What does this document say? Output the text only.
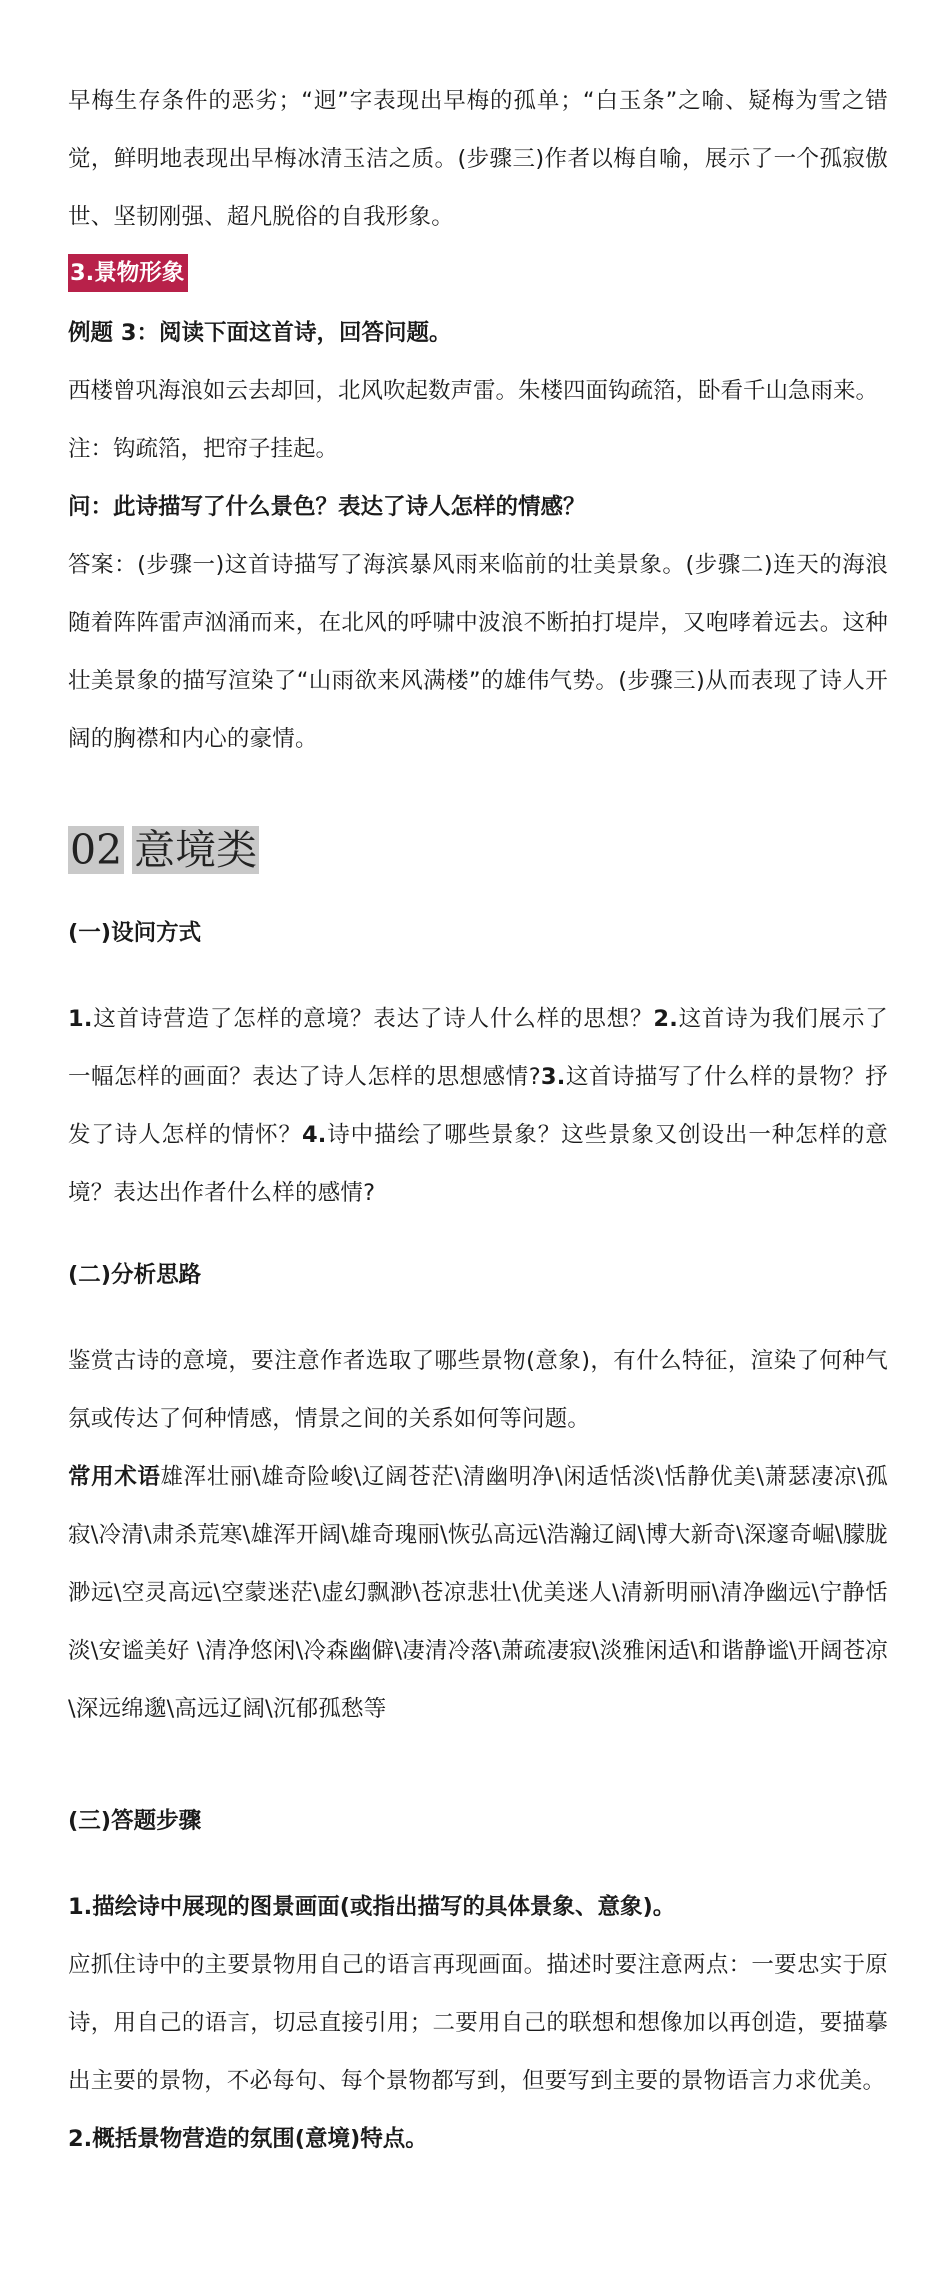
早梅生存条件的恶劣；“迥”字表现出早梅的孤单；“白玉条”之喻、疑梅为雪之错觉，鲜明地表现出早梅冰清玉洁之质。(步骤三)作者以梅自喻，展示了一个孤寂傲世、坚韧刚强、超凡脱俗的自我形象。

3.景物形象

例题 3：阅读下面这首诗，回答问题。

西楼曾巩海浪如云去却回，北风吹起数声雷。朱楼四面钩疏箔，卧看千山急雨来。

注：钩疏箔，把帘子挂起。

问：此诗描写了什么景色？表达了诗人怎样的情感？

答案：(步骤一)这首诗描写了海滨暴风雨来临前的壮美景象。(步骤二)连天的海浪随着阵阵雷声汹涌而来，在北风的呼啸中波浪不断拍打堤岸，又咆哮着远去。这种壮美景象的描写渲染了“山雨欲来风满楼”的雄伟气势。(步骤三)从而表现了诗人开阔的胸襟和内心的豪情。

02 意境类

(一)设问方式

1.这首诗营造了怎样的意境？表达了诗人什么样的思想？2.这首诗为我们展示了一幅怎样的画面？表达了诗人怎样的思想感情?3.这首诗描写了什么样的景物？抒发了诗人怎样的情怀？4.诗中描绘了哪些景象？这些景象又创设出一种怎样的意境？表达出作者什么样的感情?

(二)分析思路

鉴赏古诗的意境，要注意作者选取了哪些景物(意象)，有什么特征，渲染了何种气氛或传达了何种情感，情景之间的关系如何等问题。

常用术语雄浑壮丽\雄奇险峻\辽阔苍茫\清幽明净\闲适恬淡\恬静优美\萧瑟凄凉\孤寂\冷清\肃杀荒寒\雄浑开阔\雄奇瑰丽\恢弘高远\浩瀚辽阔\博大新奇\深邃奇崛\朦胧渺远\空灵高远\空蒙迷茫\虚幻飘渺\苍凉悲壮\优美迷人\清新明丽\清净幽远\宁静恬淡\安谧美好 \清净悠闲\冷森幽僻\凄清冷落\萧疏凄寂\淡雅闲适\和谐静谧\开阔苍凉\深远绵邈\高远辽阔\沉郁孤愁等

(三)答题步骤

1.描绘诗中展现的图景画面(或指出描写的具体景象、意象)。

应抓住诗中的主要景物用自己的语言再现画面。描述时要注意两点：一要忠实于原诗，用自己的语言，切忌直接引用；二要用自己的联想和想像加以再创造，要描摹出主要的景物，不必每句、每个景物都写到，但要写到主要的景物语言力求优美。

2.概括景物营造的氛围(意境)特点。
